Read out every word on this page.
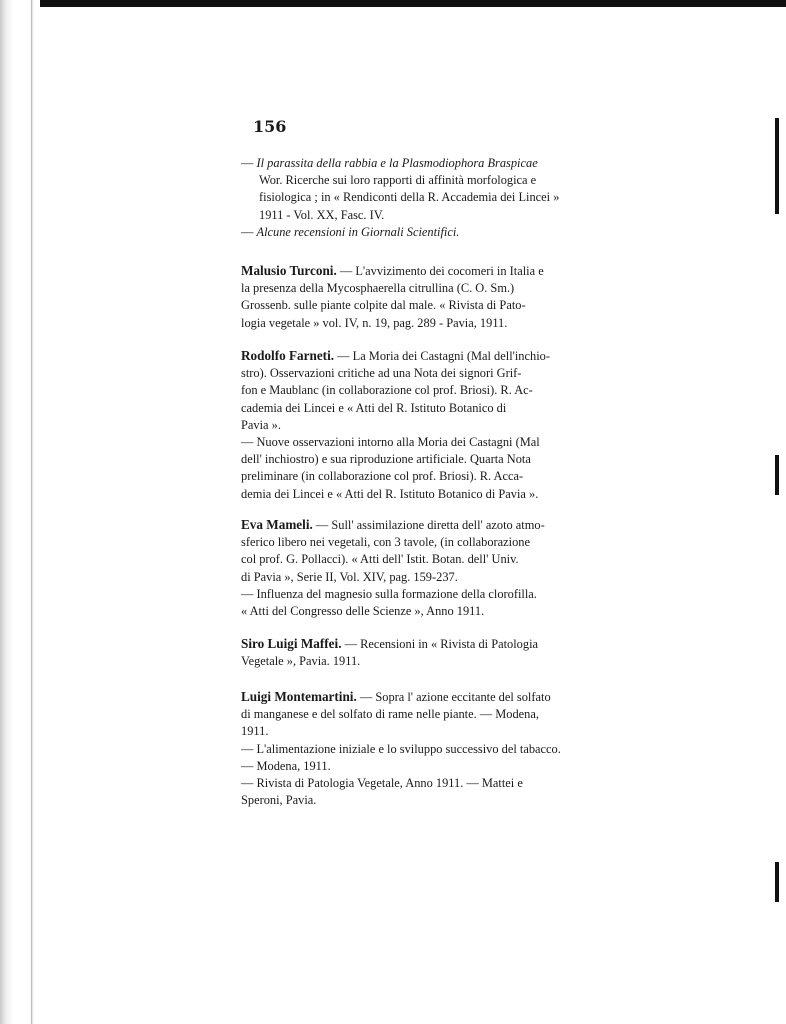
156
— Il parassita della rabbia e la Plasmodiophora Braspicae
Wor. Ricerche sui loro rapporti di affinità morfologica e
fisiologica ; in « Rendiconti della R. Accademia dei Lincei »
1911 - Vol. XX, Fasc. IV.
— Alcune recensioni in Giornali Scientifici.
Malusio Turconi. — L'avvizimento dei cocomeri in Italia e
la presenza della Mycosphaerella citrullina (C. O. Sm.)
Grossenb. sulle piante colpite dal male. « Rivista di Pato-
logia vegetale » vol. IV, n. 19, pag. 289 - Pavia, 1911.
Rodolfo Farneti. — La Moria dei Castagni (Mal dell'inchio-
stro). Osservazioni critiche ad una Nota dei signori Grif-
fon e Maublanc (in collaborazione col prof. Briosi). R. Ac-
cademia dei Lincei e « Atti del R. Istituto Botanico di
Pavia ».
— Nuove osservazioni intorno alla Moria dei Castagni (Mal
dell' inchiostro) e sua riproduzione artificiale. Quarta Nota
preliminare (in collaborazione col prof. Briosi). R. Acca-
demia dei Lincei e « Atti del R. Istituto Botanico di Pavia ».
Eva Mameli. — Sull' assimilazione diretta dell' azoto atmo-
sferico libero nei vegetali, con 3 tavole, (in collaborazione
col prof. G. Pollacci). « Atti dell' Istit. Botan. dell' Univ.
di Pavia », Serie II, Vol. XIV, pag. 159-237.
— Influenza del magnesio sulla formazione della clorofilla.
« Atti del Congresso delle Scienze », Anno 1911.
Siro Luigi Maffei. — Recensioni in « Rivista di Patologia
Vegetale », Pavia. 1911.
Luigi Montemartini. — Sopra l' azione eccitante del solfato
di manganese e del solfato di rame nelle piante. — Modena,
1911.
— L'alimentazione iniziale e lo sviluppo successivo del tabacco.
— Modena, 1911.
— Rivista di Patologia Vegetale, Anno 1911. — Mattei e
Speroni, Pavia.
